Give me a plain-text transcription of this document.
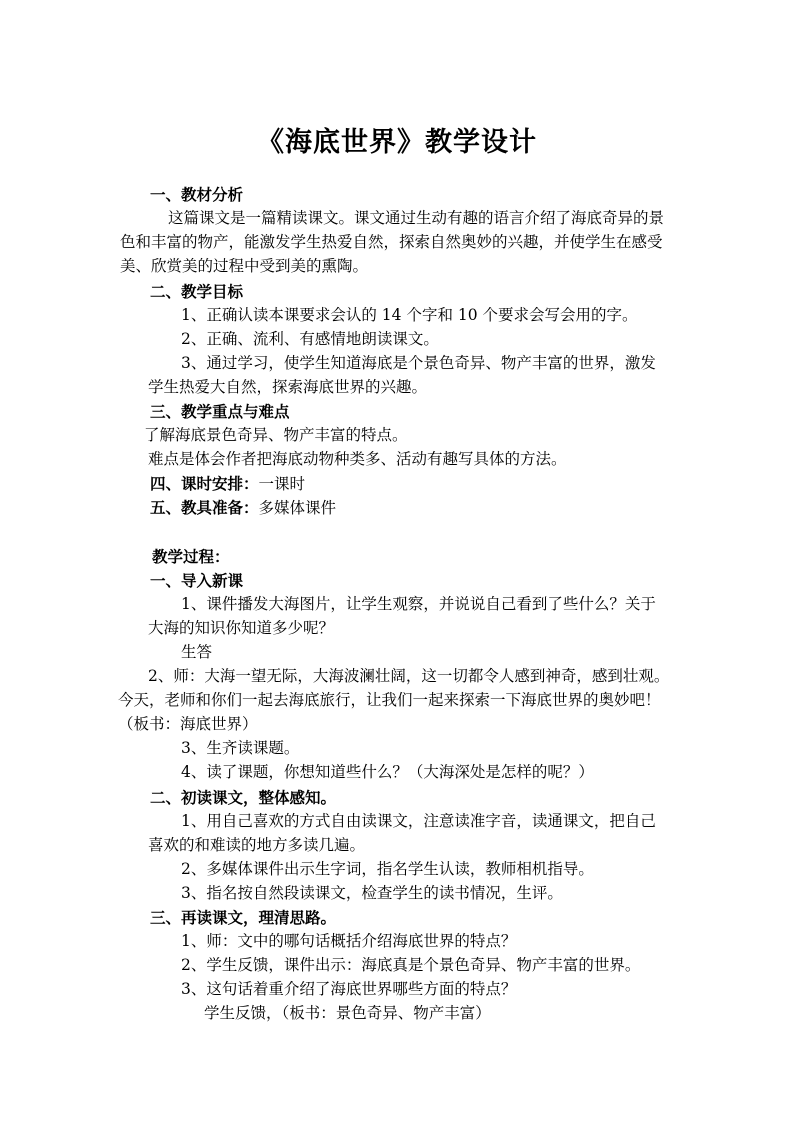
《海底世界》教学设计
一、教材分析
这篇课文是一篇精读课文。课文通过生动有趣的语言介绍了海底奇异的景
色和丰富的物产，能激发学生热爱自然，探索自然奥妙的兴趣，并使学生在感受
美、欣赏美的过程中受到美的熏陶。
二、教学目标
1、正确认读本课要求会认的 14 个字和 10 个要求会写会用的字。
2、正确、流利、有感情地朗读课文。
3、通过学习，使学生知道海底是个景色奇异、物产丰富的世界，激发
学生热爱大自然，探索海底世界的兴趣。
三、教学重点与难点
了解海底景色奇异、物产丰富的特点。
难点是体会作者把海底动物种类多、活动有趣写具体的方法。
四、课时安排：一课时
五、教具准备：多媒体课件
教学过程：
一、导入新课
1、课件播发大海图片，让学生观察，并说说自己看到了些什么？关于
大海的知识你知道多少呢？
生答
2、师：大海一望无际，大海波澜壮阔，这一切都令人感到神奇，感到壮观。
今天，老师和你们一起去海底旅行，让我们一起来探索一下海底世界的奥妙吧！
（板书：海底世界）
3、生齐读课题。
4、读了课题，你想知道些什么？（大海深处是怎样的呢？）
二、初读课文，整体感知。
1、用自己喜欢的方式自由读课文，注意读准字音，读通课文，把自己
喜欢的和难读的地方多读几遍。
2、多媒体课件出示生字词，指名学生认读，教师相机指导。
3、指名按自然段读课文，检查学生的读书情况，生评。
三、再读课文，理清思路。
1、师：文中的哪句话概括介绍海底世界的特点？
2、学生反馈，课件出示：海底真是个景色奇异、物产丰富的世界。
3、这句话着重介绍了海底世界哪些方面的特点？
学生反馈，（板书：景色奇异、物产丰富）
